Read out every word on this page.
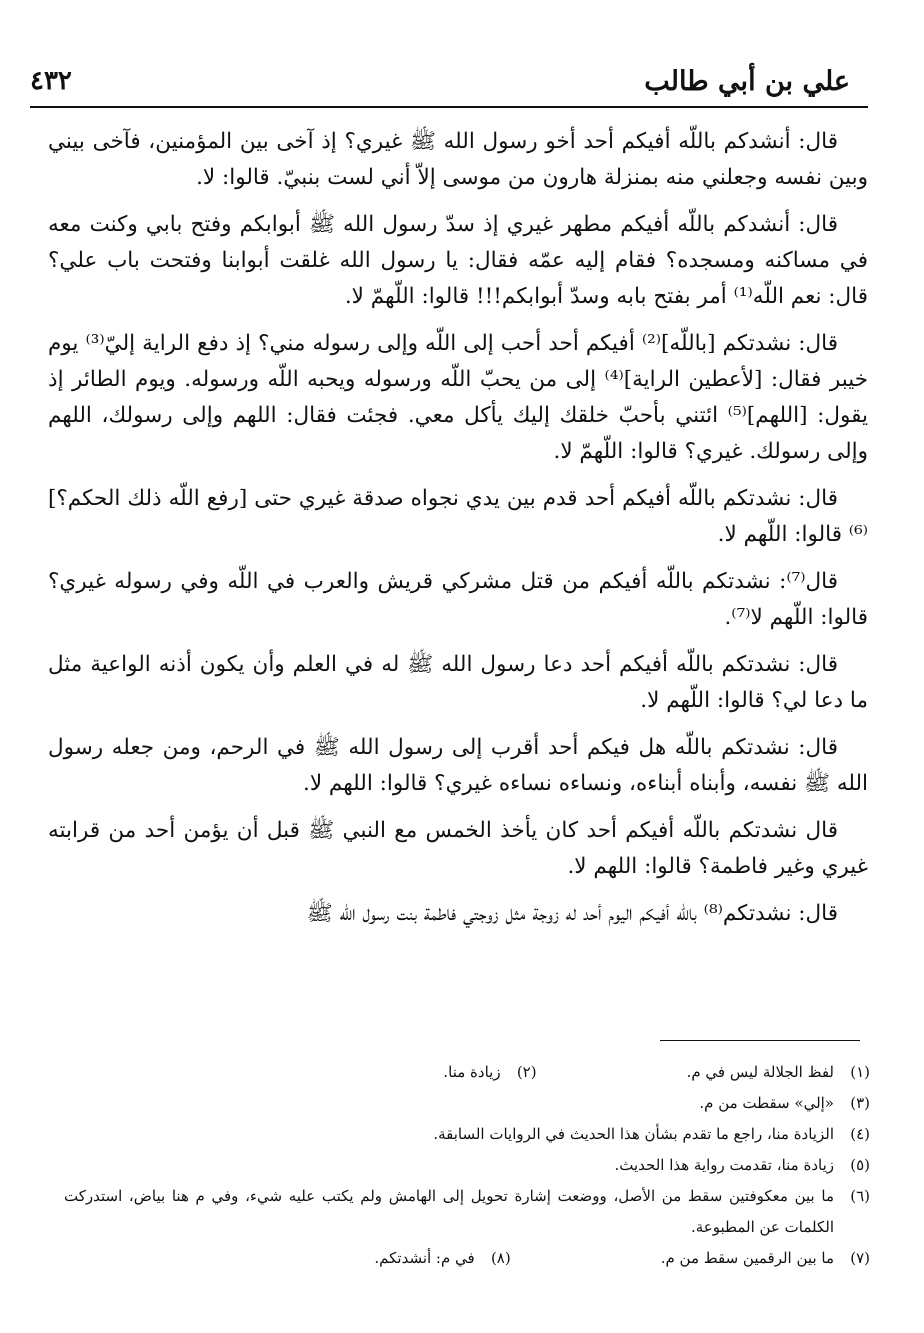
علي بن أبي طالب
٤٣٢

قال: أنشدكم باللّه أفيكم أحد أخو رسول الله ﷺ غيري؟ إذ آخى بين المؤمنين، فآخى بيني وبين نفسه وجعلني منه بمنزلة هارون من موسى إلاّ أني لست بنبيّ. قالوا: لا.

قال: أنشدكم باللّه أفيكم مطهر غيري إذ سدّ رسول الله ﷺ أبوابكم وفتح بابي وكنت معه في مساكنه ومسجده؟ فقام إليه عمّه فقال: يا رسول الله غلقت أبوابنا وفتحت باب علي؟ قال: نعم اللّه⁽¹⁾ أمر بفتح بابه وسدّ أبوابكم!!! قالوا: اللّهمّ لا.

قال: نشدتكم [باللّه]⁽²⁾ أفيكم أحد أحب إلى اللّه وإلى رسوله مني؟ إذ دفع الراية إليّ⁽³⁾ يوم خيبر فقال: [لأعطين الراية]⁽⁴⁾ إلى من يحبّ اللّه ورسوله ويحبه اللّه ورسوله. ويوم الطائر إذ يقول: [اللهم]⁽⁵⁾ ائتني بأحبّ خلقك إليك يأكل معي. فجئت فقال: اللهم وإلى رسولك، اللهم وإلى رسولك. غيري؟ قالوا: اللّهمّ لا.

قال: نشدتكم باللّه أفيكم أحد قدم بين يدي نجواه صدقة غيري حتى [رفع اللّه ذلك الحكم؟]⁽⁶⁾ قالوا: اللّهم لا.

قال⁽⁷⁾: نشدتكم باللّه أفيكم من قتل مشركي قريش والعرب في اللّه وفي رسوله غيري؟ قالوا: اللّهم لا⁽⁷⁾.

قال: نشدتكم باللّه أفيكم أحد دعا رسول الله ﷺ له في العلم وأن يكون أذنه الواعية مثل ما دعا لي؟ قالوا: اللّهم لا.

قال: نشدتكم باللّه هل فيكم أحد أقرب إلى رسول الله ﷺ في الرحم، ومن جعله رسول الله ﷺ نفسه، وأبناه أبناءه، ونساءه نساءه غيري؟ قالوا: اللهم لا.

قال نشدتكم باللّه أفيكم أحد كان يأخذ الخمس مع النبي ﷺ قبل أن يؤمن أحد من قرابته غيري وغير فاطمة؟ قالوا: اللهم لا.

قال: نشدتكم⁽⁸⁾ باللّه أفيكم اليوم أحد له زوجة مثل زوجتي فاطمة بنت رسول الله ﷺ

(١)
لفظ الجلالة ليس في م.
(٢)
زيادة منا.
(٣)
«إلي» سقطت من م.
(٤)
الزيادة منا، راجع ما تقدم بشأن هذا الحديث في الروايات السابقة.
(٥)
زيادة منا، تقدمت رواية هذا الحديث.
(٦)
ما بين معكوفتين سقط من الأصل، ووضعت إشارة تحويل إلى الهامش ولم يكتب عليه شيء، وفي م هنا بياض، استدركت الكلمات عن المطبوعة.
(٧)
ما بين الرقمين سقط من م.
(٨)
في م: أنشدتكم.
